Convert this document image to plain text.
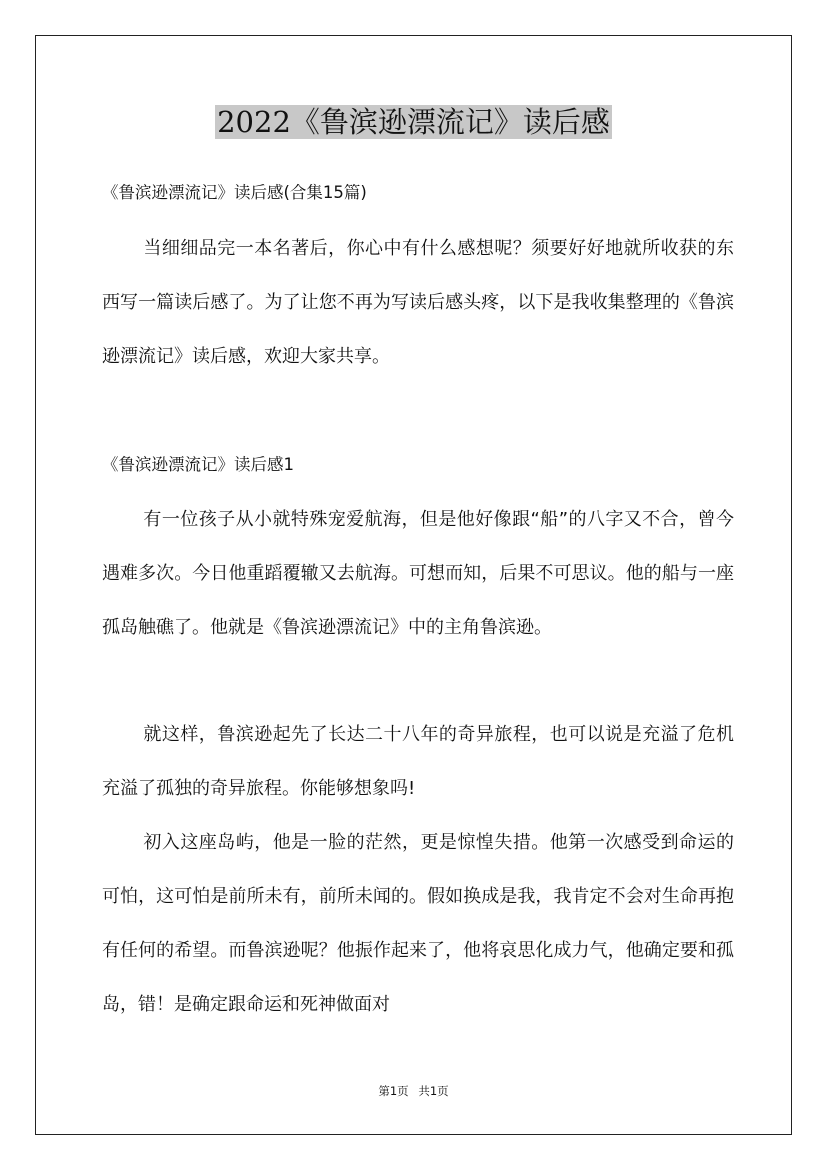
2022《鲁滨逊漂流记》读后感
《鲁滨逊漂流记》读后感(合集15篇)
当细细品完一本名著后，你心中有什么感想呢？须要好好地就所收获的东西写一篇读后感了。为了让您不再为写读后感头疼，以下是我收集整理的《鲁滨逊漂流记》读后感，欢迎大家共享。
《鲁滨逊漂流记》读后感1
有一位孩子从小就特殊宠爱航海，但是他好像跟“船”的八字又不合，曾今遇难多次。今日他重蹈覆辙又去航海。可想而知，后果不可思议。他的船与一座孤岛触礁了。他就是《鲁滨逊漂流记》中的主角鲁滨逊。
就这样，鲁滨逊起先了长达二十八年的奇异旅程，也可以说是充溢了危机充溢了孤独的奇异旅程。你能够想象吗!
初入这座岛屿，他是一脸的茫然，更是惊惶失措。他第一次感受到命运的可怕，这可怕是前所未有，前所未闻的。假如换成是我，我肯定不会对生命再抱有任何的希望。而鲁滨逊呢？他振作起来了，他将哀思化成力气，他确定要和孤岛，错！是确定跟命运和死神做面对
第1页 共1页
